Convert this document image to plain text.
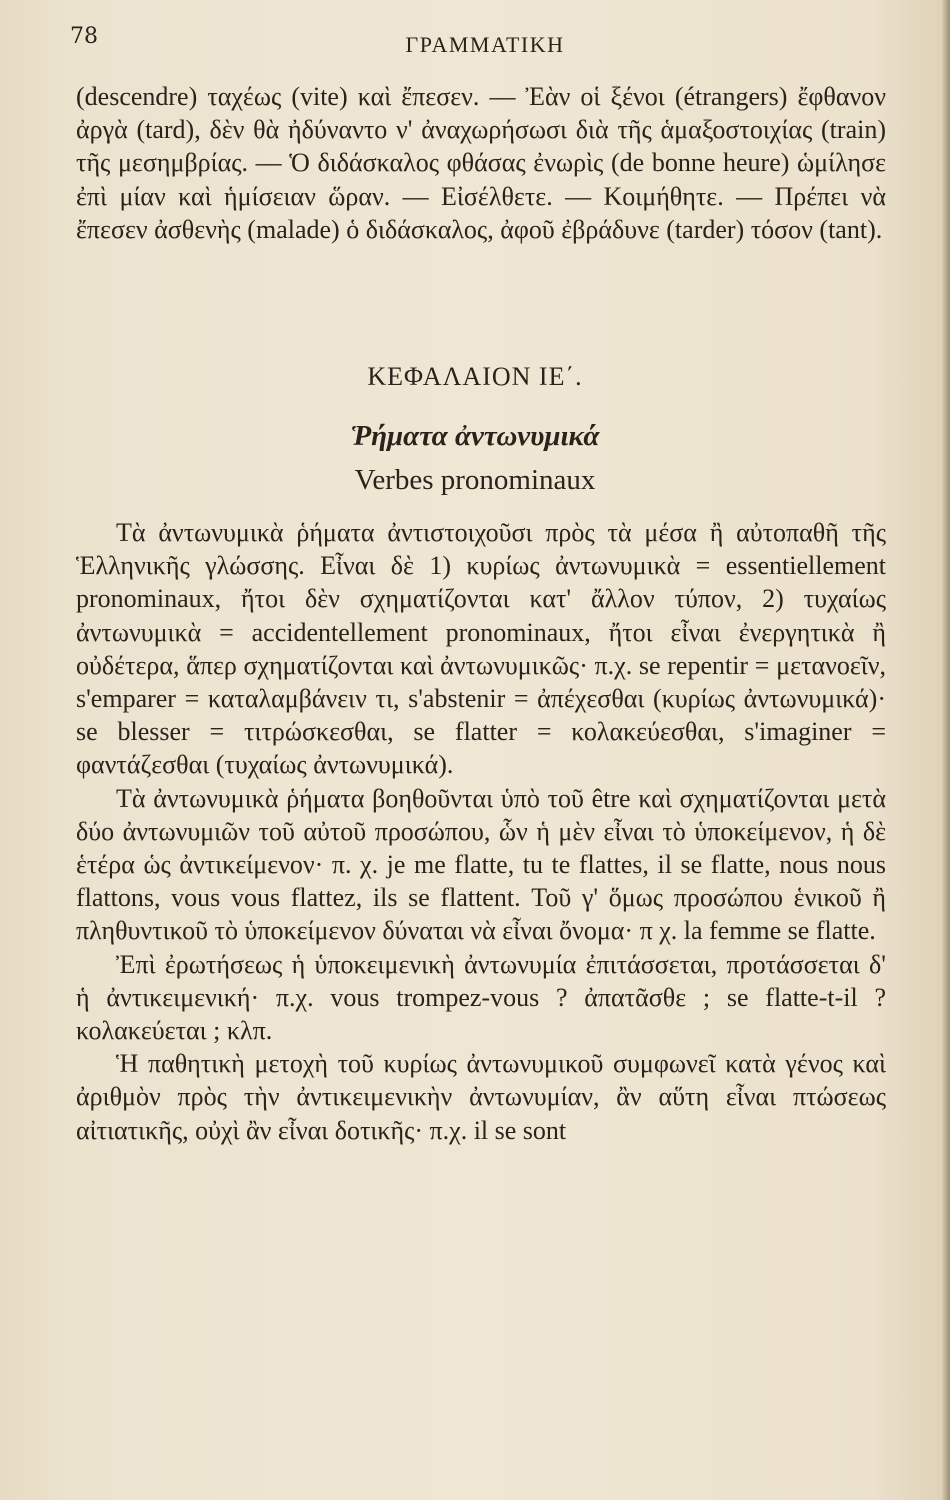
78	ΓΡΑΜΜΑΤΙΚΗ

(descendre) ταχέως (vite) καὶ ἔπεσεν. — Ἐὰν οἱ ξένοι (étrangers) ἔφθανον ἀργὰ (tard), δὲν θὰ ἠδύναντο ν' ἀναχωρήσωσι διὰ τῆς ἁμαξοστοιχίας (train) τῆς μεσημβρίας. — Ὁ διδάσκαλος φθάσας ἐνωρὶς (de bonne heure) ὡμίλησε ἐπὶ μίαν καὶ ἡμίσειαν ὥραν. — Εἰσέλθετε. — Κοιμήθητε. — Πρέπει νὰ ἔπεσεν ἀσθενὴς (malade) ὁ διδάσκαλος, ἀφοῦ ἐβράδυνε (tarder) τόσον (tant).

ΚΕΦΑΛΑΙΟΝ ΙΕ΄.
Ῥήματα ἀντωνυμικά
Verbes pronominaux

Τὰ ἀντωνυμικὰ ῥήματα ἀντιστοιχοῦσι πρὸς τὰ μέσα ἢ αὐτοπαθῆ τῆς Ἑλληνικῆς γλώσσης. Εἶναι δὲ 1) κυρίως ἀντωνυμικὰ = essentiellement pronominaux, ἤτοι δὲν σχηματίζονται κατ' ἄλλον τύπον, 2) τυχαίως ἀντωνυμικὰ = accidentellement pronominaux, ἤτοι εἶναι ἐνεργητικὰ ἢ οὐδέτερα, ἅπερ σχηματίζονται καὶ ἀντωνυμικῶς· π.χ. se repentir = μετανοεῖν, s'emparer = καταλαμβάνειν τι, s'abstenir = ἀπέχεσθαι (κυρίως ἀντωνυμικά)· se blesser = τιτρώσκεσθαι, se flatter = κολακεύεσθαι, s'imaginer = φαντάζεσθαι (τυχαίως ἀντωνυμικά).

Τὰ ἀντωνυμικὰ ῥήματα βοηθοῦνται ὑπὸ τοῦ être καὶ σχηματίζονται μετὰ δύο ἀντωνυμιῶν τοῦ αὐτοῦ προσώπου, ὧν ἡ μὲν εἶναι τὸ ὑποκείμενον, ἡ δὲ ἑτέρα ὡς ἀντικείμενον· π. χ. je me flatte, tu te flattes, il se flatte, nous nous flattons, vous vous flattez, ils se flattent. Τοῦ γ' ὅμως προσώπου ἑνικοῦ ἢ πληθυντικοῦ τὸ ὑποκείμενον δύναται νὰ εἶναι ὄνομα· π χ. la femme se flatte.

Ἐπὶ ἐρωτήσεως ἡ ὑποκειμενικὴ ἀντωνυμία ἐπιτάσσεται, προτάσσεται δ' ἡ ἀντικειμενική· π.χ. vous trompez-vous ? ἀπατᾶσθε ; se flatte-t-il ? κολακεύεται ; κλπ.

Ἡ παθητικὴ μετοχὴ τοῦ κυρίως ἀντωνυμικοῦ συμφωνεῖ κατὰ γένος καὶ ἀριθμὸν πρὸς τὴν ἀντικειμενικὴν ἀντωνυμίαν, ἂν αὕτη εἶναι πτώσεως αἰτιατικῆς, οὐχὶ ἂν εἶναι δοτικῆς· π.χ. il se sont
